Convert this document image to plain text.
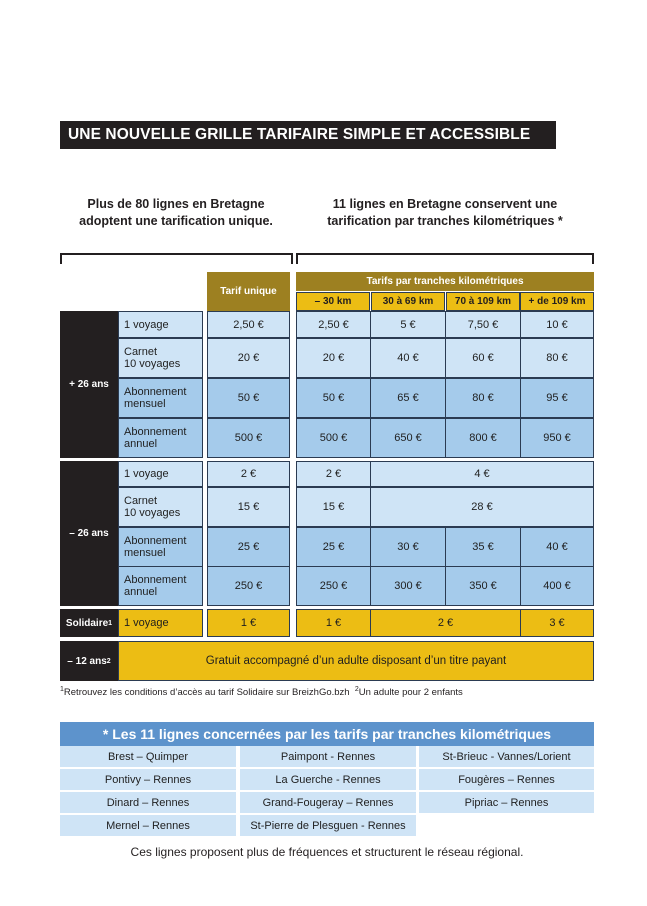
UNE NOUVELLE GRILLE TARIFAIRE SIMPLE ET ACCESSIBLE
Plus de 80 lignes en Bretagne
adoptent une tarification unique.
11 lignes en Bretagne conservent une
tarification par tranches kilométriques *
Tarif unique
Tarifs par tranches kilométriques
– 30 km	30 à 69 km	70 à 109 km	+ de 109 km
+ 26 ans
1 voyage	2,50 €	2,50 €	5 €	7,50 €	10 €
Carnet
10 voyages	20 €	20 €	40 €	60 €	80 €
Abonnement
mensuel	50 €	50 €	65 €	80 €	95 €
Abonnement
annuel	500 €	500 €	650 €	800 €	950 €
– 26 ans
1 voyage	2 €	2 €	4 €
Carnet
10 voyages	15 €	15 €	28 €
Abonnement
mensuel	25 €	25 €	30 €	35 €	40 €
Abonnement
annuel	250 €	250 €	300 €	350 €	400 €
Solidaire 1 1 voyage	1 €	1 €	2 €	3 €
– 12 ans 2	Gratuit accompagné d’un adulte disposant d’un titre payant
$^1$Retrouvez les conditions d’accès au tarif Solidaire sur BreizhGo.bzh $^2$Un adulte pour 2 enfants
* Les 11 lignes concernées par les tarifs par tranches kilométriques
Brest – Quimper	Paimpont - Rennes	St-Brieuc - Vannes/Lorient
Pontivy – Rennes	La Guerche - Rennes	Fougères – Rennes
Dinard – Rennes	Grand-Fougeray – Rennes	Pipriac – Rennes
Mernel – Rennes	St-Pierre de Plesguen - Rennes
Ces lignes proposent plus de fréquences et structurent le réseau régional.
